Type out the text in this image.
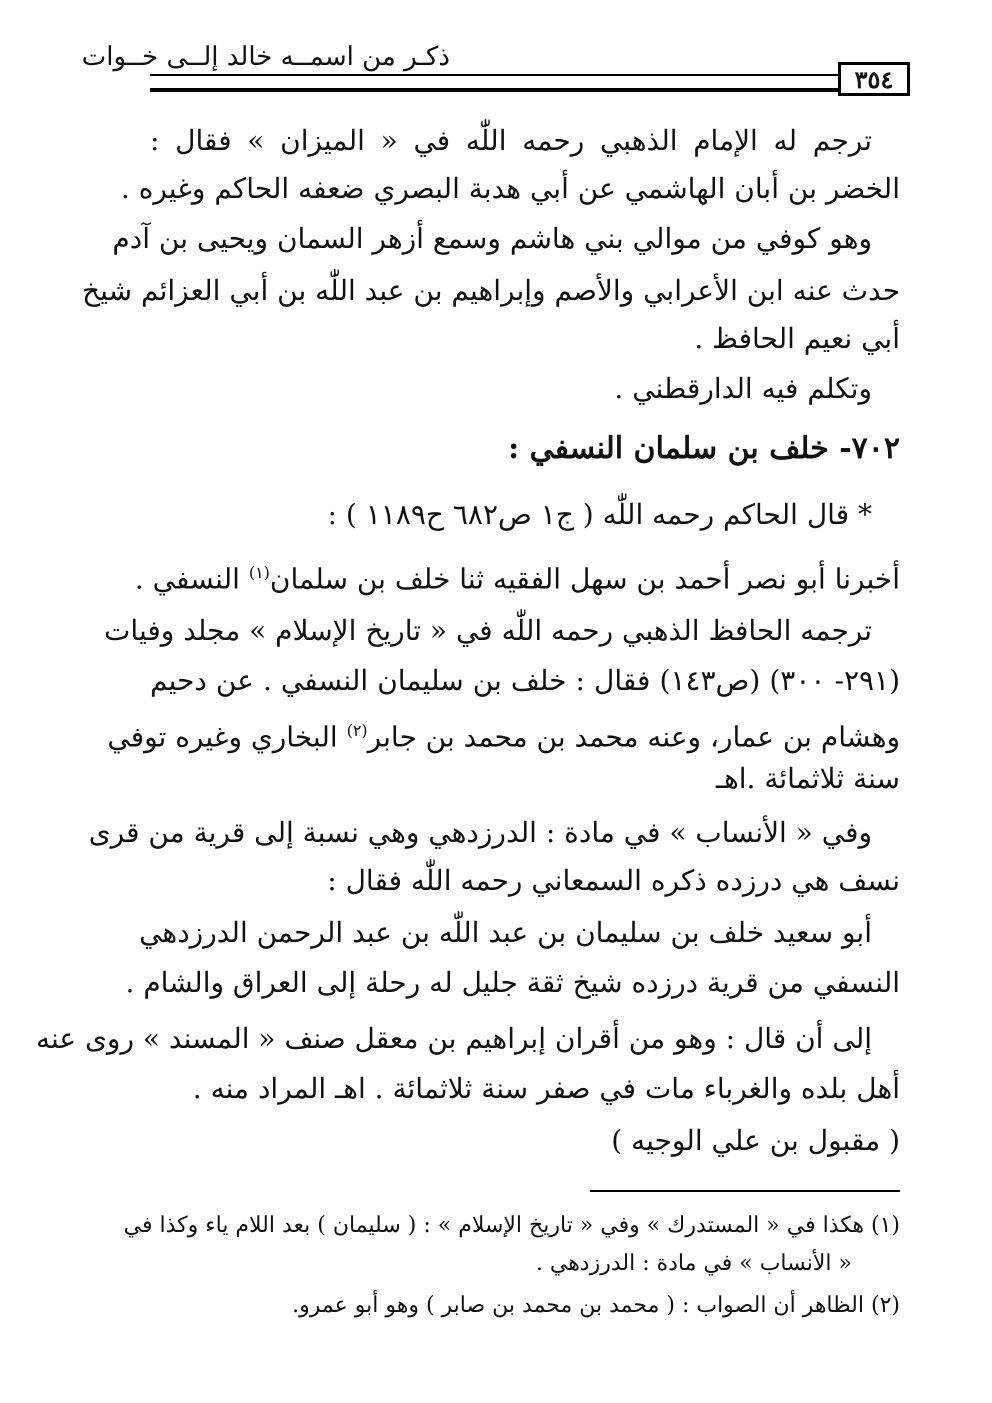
ذكـر من اسمــه خالد إلــى خــوات
٣٥٤
ترجم له الإمام الذهبي رحمه اللّٰه في « الميزان » فقال :
الخضر بن أبان الهاشمي عن أبي هدبة البصري ضعفه الحاكم وغيره .
وهو كوفي من موالي بني هاشم وسمع أزهر السمان ويحيى بن آدم
حدث عنه ابن الأعرابي والأصم وإبراهيم بن عبد اللّٰه بن أبي العزائم شيخ
أبي نعيم الحافظ .
وتكلم فيه الدارقطني .
٧٠٢- خلف بن سلمان النسفي :
* قال الحاكم رحمه اللّٰه ( ج١ ص٦٨٢ ح١١٨٩ ) :
أخبرنا أبو نصر أحمد بن سهل الفقيه ثنا خلف بن سلمان$^{(١)}$ النسفي .
ترجمه الحافظ الذهبي رحمه اللّٰه في « تاريخ الإسلام » مجلد وفيات
(٢٩١- ٣٠٠) (ص١٤٣) فقال : خلف بن سليمان النسفي . عن دحيم
وهشام بن عمار، وعنه محمد بن محمد بن جابر$^{(٢)}$ البخاري وغيره توفي
سنة ثلاثمائة .اهـ
وفي « الأنساب » في مادة : الدرزدهي وهي نسبة إلى قرية من قرى
نسف هي درزده ذكره السمعاني رحمه اللّٰه فقال :
أبو سعيد خلف بن سليمان بن عبد اللّٰه بن عبد الرحمن الدرزدهي
النسفي من قرية درزده شيخ ثقة جليل له رحلة إلى العراق والشام .
إلى أن قال : وهو من أقران إبراهيم بن معقل صنف « المسند » روى عنه
أهل بلده والغرباء مات في صفر سنة ثلاثمائة . اهـ المراد منه .
( مقبول بن علي الوجيه )
(١) هكذا في « المستدرك » وفي « تاريخ الإسلام » : ( سليمان ) بعد اللام ياء وكذا في
« الأنساب » في مادة : الدرزدهي .
(٢) الظاهر أن الصواب : ( محمد بن محمد بن صابر ) وهو أبو عمرو.
